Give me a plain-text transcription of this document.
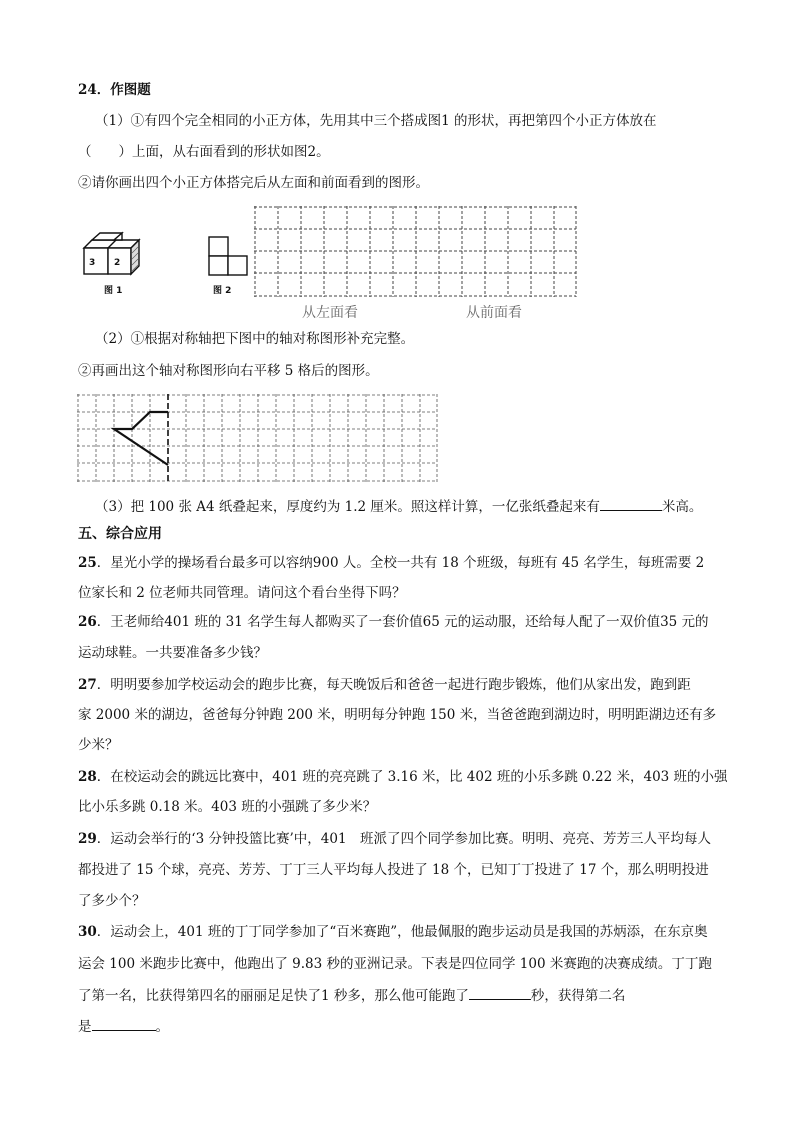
24．作图题
（1）①有四个完全相同的小正方体，先用其中三个搭成图1 的形状，再把第四个小正方体放在
（　　）上面，从右面看到的形状如图2。
②请你画出四个小正方体搭完后从左面和前面看到的图形。
3 2
图 1	图 2
从左面看	从前面看
（2）①根据对称轴把下图中的轴对称图形补充完整。
②再画出这个轴对称图形向右平移 5 格后的图形。
（3）把 100 张 A4 纸叠起来，厚度约为 1.2 厘米。照这样计算，一亿张纸叠起来有	米高。
五、综合应用
25．星光小学的操场看台最多可以容纳900 人。全校一共有 18 个班级，每班有 45 名学生，每班需要 2
位家长和 2 位老师共同管理。请问这个看台坐得下吗？
26．王老师给401 班的 31 名学生每人都购买了一套价值65 元的运动服，还给每人配了一双价值35 元的
运动球鞋。一共要准备多少钱？
27．明明要参加学校运动会的跑步比赛，每天晚饭后和爸爸一起进行跑步锻炼，他们从家出发，跑到距
家 2000 米的湖边，爸爸每分钟跑 200 米，明明每分钟跑 150 米，当爸爸跑到湖边时，明明距湖边还有多
少米？
28．在校运动会的跳远比赛中，401 班的亮亮跳了 3.16 米，比 402 班的小乐多跳 0.22 米，403 班的小强
比小乐多跳 0.18 米。403 班的小强跳了多少米？
29．运动会举行的‘3 分钟投篮比赛’中，401　班派了四个同学参加比赛。明明、亮亮、芳芳三人平均每人
都投进了 15 个球，亮亮、芳芳、丁丁三人平均每人投进了 18 个，已知丁丁投进了 17 个，那么明明投进
了多少个？
30．运动会上，401 班的丁丁同学参加了“百米赛跑”，他最佩服的跑步运动员是我国的苏炳添，在东京奥
运会 100 米跑步比赛中，他跑出了 9.83 秒的亚洲记录。下表是四位同学 100 米赛跑的决赛成绩。丁丁跑
了第一名，比获得第四名的丽丽足足快了1 秒多，那么他可能跑了	秒，获得第二名
是	。
